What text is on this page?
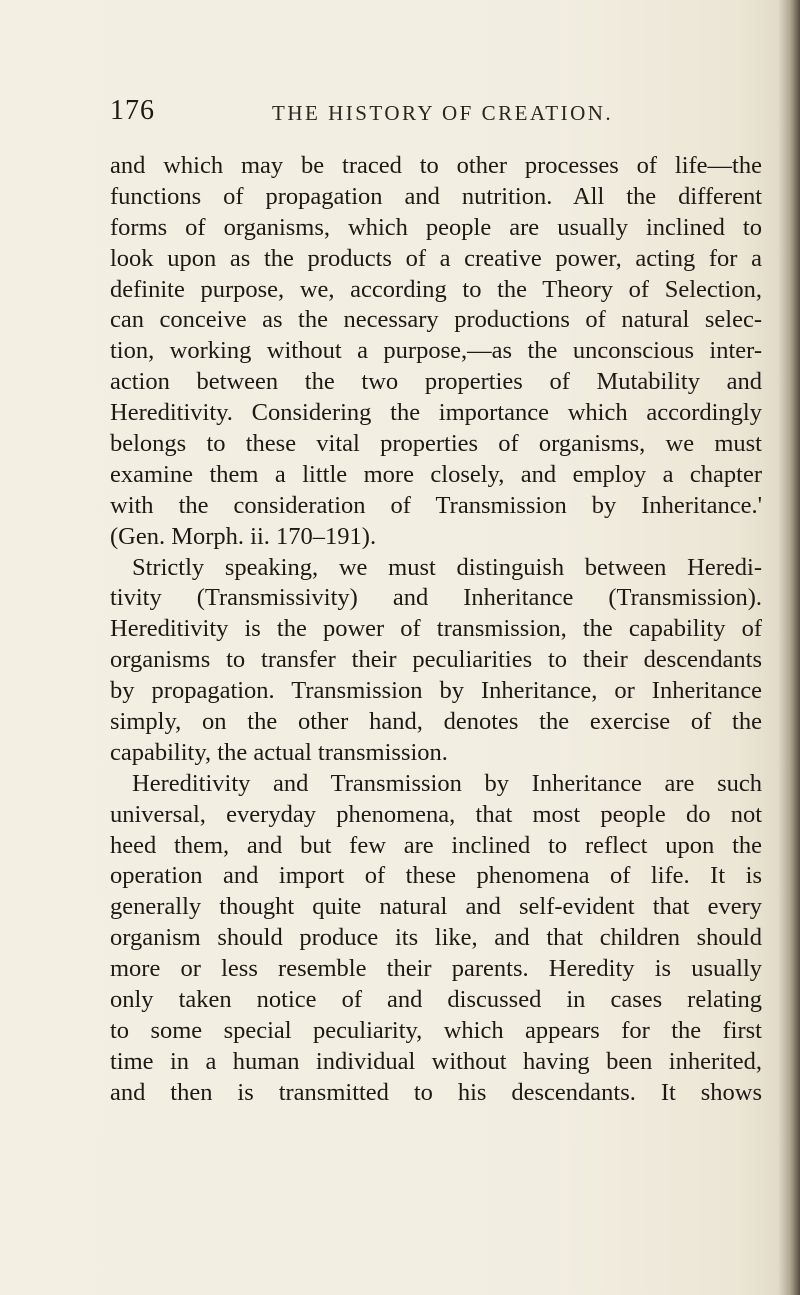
176	THE HISTORY OF CREATION.
and which may be traced to other processes of life—the
functions of propagation and nutrition. All the different
forms of organisms, which people are usually inclined to
look upon as the products of a creative power, acting for a
definite purpose, we, according to the Theory of Selection,
can conceive as the necessary productions of natural selec-
tion, working without a purpose,—as the unconscious inter-
action between the two properties of Mutability and
Hereditivity. Considering the importance which accordingly
belongs to these vital properties of organisms, we must
examine them a little more closely, and employ a chapter
with the consideration of Transmission by Inheritance.'
(Gen. Morph. ii. 170–191).
Strictly speaking, we must distinguish between Heredi-
tivity (Transmissivity) and Inheritance (Transmission).
Hereditivity is the power of transmission, the capability of
organisms to transfer their peculiarities to their descendants
by propagation. Transmission by Inheritance, or Inheritance
simply, on the other hand, denotes the exercise of the
capability, the actual transmission.
Hereditivity and Transmission by Inheritance are such
universal, everyday phenomena, that most people do not
heed them, and but few are inclined to reflect upon the
operation and import of these phenomena of life. It is
generally thought quite natural and self-evident that every
organism should produce its like, and that children should
more or less resemble their parents. Heredity is usually
only taken notice of and discussed in cases relating
to some special peculiarity, which appears for the first
time in a human individual without having been inherited,
and then is transmitted to his descendants. It shows
